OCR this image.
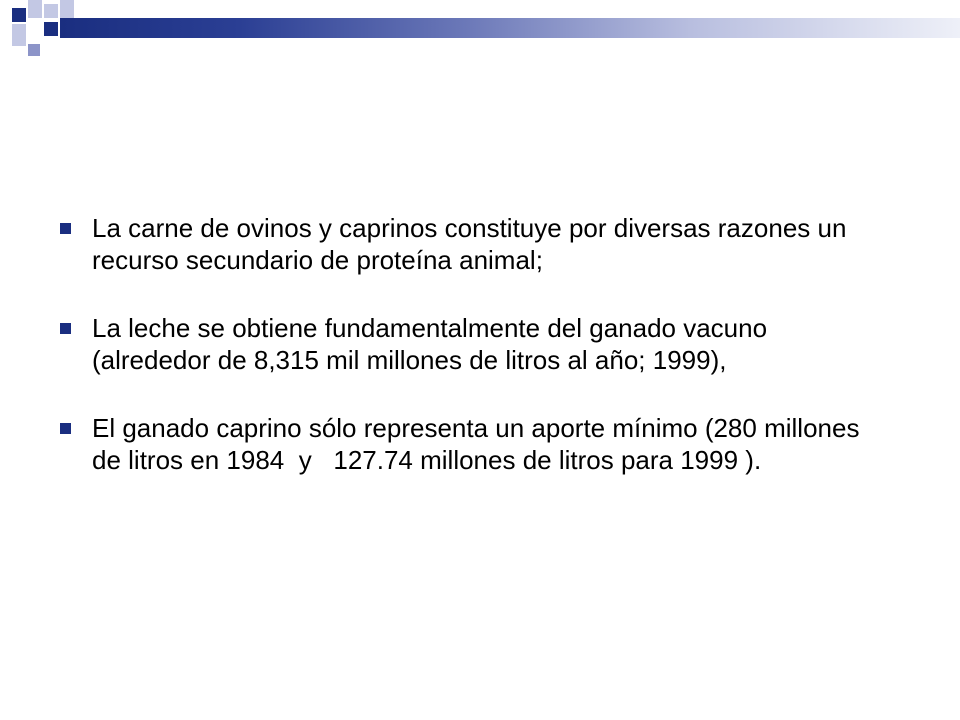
La carne de ovinos y caprinos constituye por diversas razones un recurso secundario de proteína animal;
La leche se obtiene fundamentalmente del ganado vacuno (alrededor de 8,315 mil millones de litros al año; 1999),
El ganado caprino sólo representa un aporte mínimo (280 millones de litros en 1984  y   127.74 millones de litros para 1999 ).
